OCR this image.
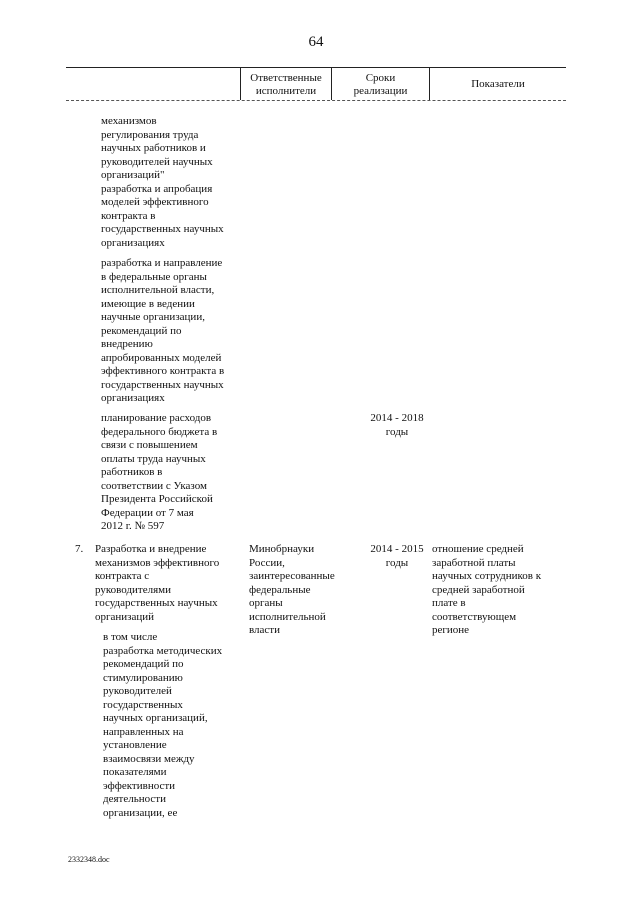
64
Ответственные
исполнители
Сроки
реализации
Показатели
механизмов
регулирования труда
научных работников и
руководителей научных
организаций"
разработка и апробация
моделей эффективного
контракта в
государственных научных
организациях
разработка и направление
в федеральные органы
исполнительной власти,
имеющие в ведении
научные организации,
рекомендаций по
внедрению
апробированных моделей
эффективного контракта в
государственных научных
организациях
планирование расходов
федерального бюджета в
связи с повышением
оплаты труда научных
работников в
соответствии с Указом
Президента Российской
Федерации от 7 мая
2012 г. № 597
2014 - 2018
годы
7. Разработка и внедрение
механизмов эффективного
контракта с
руководителями
государственных научных
организаций
Минобрнауки
России,
заинтересованные
федеральные
органы
исполнительной
власти
2014 - 2015
годы
отношение средней
заработной платы
научных сотрудников к
средней заработной
плате в
соответствующем
регионе
в том числе
разработка методических
рекомендаций по
стимулированию
руководителей
государственных
научных организаций,
направленных на
установление
взаимосвязи между
показателями
эффективности
деятельности
организации, ее
2332348.doc
